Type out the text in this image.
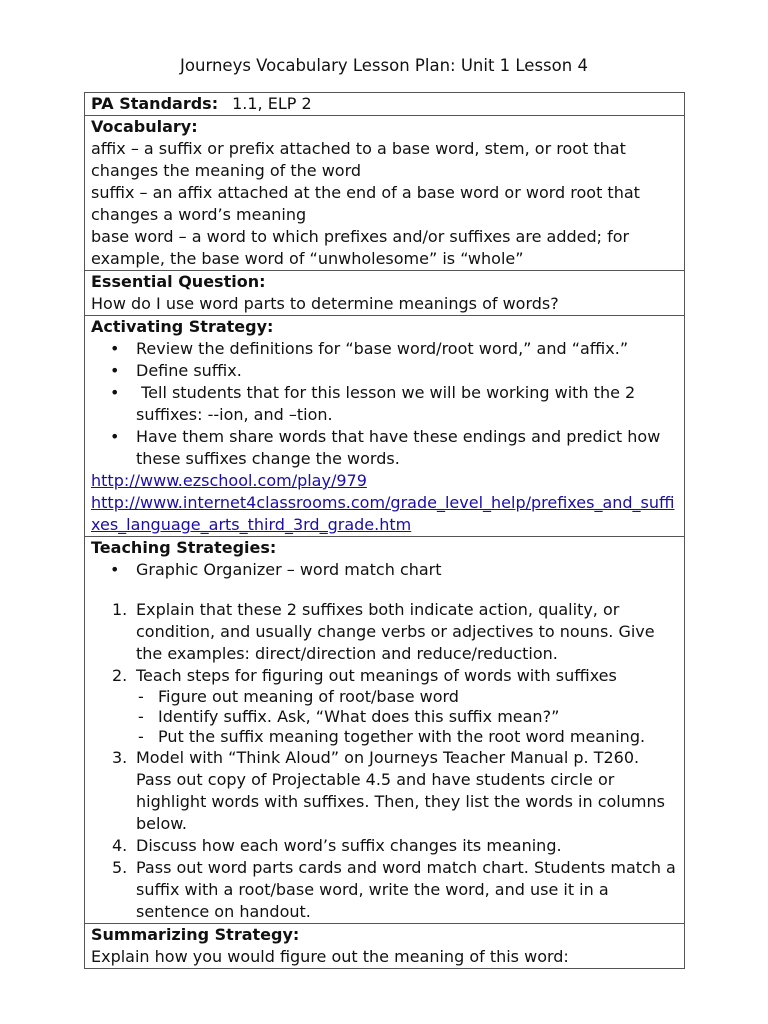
Journeys Vocabulary Lesson Plan: Unit 1 Lesson 4
PA Standards: 1.1, ELP 2

Vocabulary:
affix – a suffix or prefix attached to a base word, stem, or root that
changes the meaning of the word
suffix – an affix attached at the end of a base word or word root that
changes a word’s meaning
base word – a word to which prefixes and/or suffixes are added; for
example, the base word of “unwholesome” is “whole”

Essential Question:
How do I use word parts to determine meanings of words?

Activating Strategy:
• Review the definitions for “base word/root word,” and “affix.”
• Define suffix.
•  Tell students that for this lesson we will be working with the 2 suffixes: --ion, and –tion.
• Have them share words that have these endings and predict how these suffixes change the words.
http://www.ezschool.com/play/979
http://www.internet4classrooms.com/grade_level_help/prefixes_and_suffixes_language_arts_third_3rd_grade.htm

Teaching Strategies:
• Graphic Organizer – word match chart
1. Explain that these 2 suffixes both indicate action, quality, or condition, and usually change verbs or adjectives to nouns. Give the examples: direct/direction and reduce/reduction.
2. Teach steps for figuring out meanings of words with suffixes
- Figure out meaning of root/base word
- Identify suffix. Ask, “What does this suffix mean?”
- Put the suffix meaning together with the root word meaning.
3. Model with “Think Aloud” on Journeys Teacher Manual p. T260. Pass out copy of Projectable 4.5 and have students circle or highlight words with suffixes. Then, they list the words in columns below.
4. Discuss how each word’s suffix changes its meaning.
5. Pass out word parts cards and word match chart. Students match a suffix with a root/base word, write the word, and use it in a sentence on handout.

Summarizing Strategy:
Explain how you would figure out the meaning of this word:
